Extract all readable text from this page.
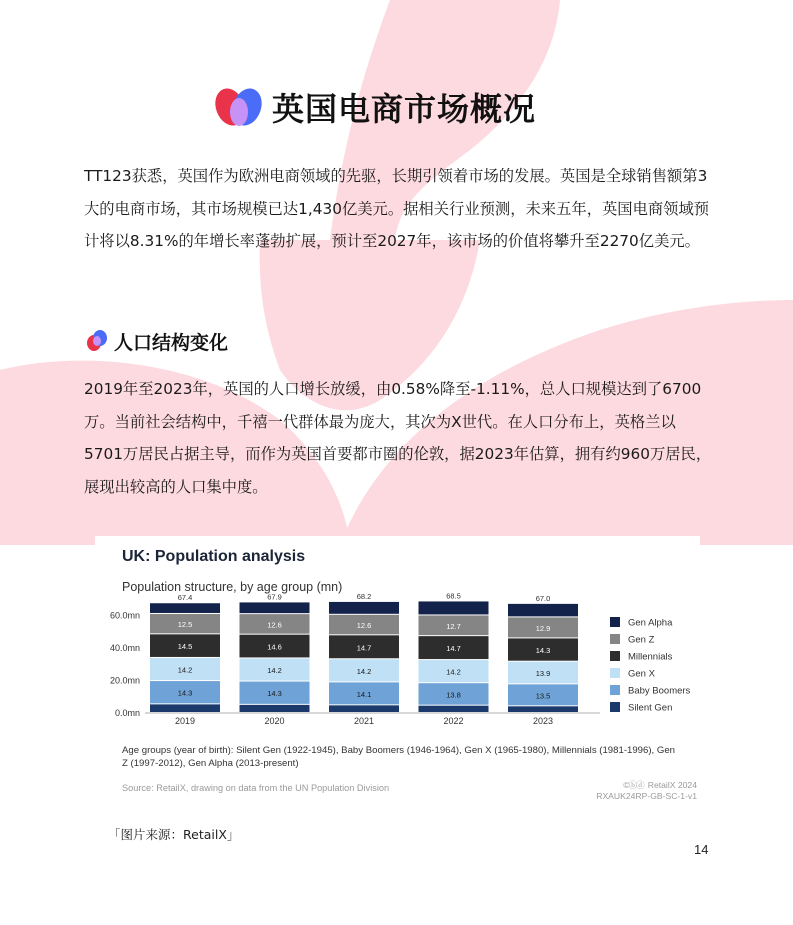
英国电商市场概况

TT123获悉，英国作为欧洲电商领域的先驱，长期引领着市场的发展。英国是全球销售额第3大的电商市场，其市场规模已达1,430亿美元。据相关行业预测，未来五年，英国电商领域预计将以8.31%的年增长率蓬勃扩展，预计至2027年，该市场的价值将攀升至2270亿美元。

人口结构变化

2019年至2023年，英国的人口增长放缓，由0.58%降至-1.11%，总人口规模达到了6700万。当前社会结构中，千禧一代群体最为庞大，其次为X世代。在人口分布上，英格兰以5701万居民占据主导，而作为英国首要都市圈的伦敦，据2023年估算，拥有约960万居民，展现出较高的人口集中度。

UK: Population analysis
Population structure, by age group (mn)
0.0mn
20.0mn
40.0mn
60.0mn
14.3
14.2
14.5
12.5
67.4
2019
14.3
14.2
14.6
12.6
67.9
2020
14.1
14.2
14.7
12.6
68.2
2021
13.8
14.2
14.7
12.7
68.5
2022
13.5
13.9
14.3
12.9
67.0
2023
Gen Alpha
Gen Z
Millennials
Gen X
Baby Boomers
Silent Gen
Age groups (year of birth): Silent Gen (1922-1945), Baby Boomers (1946-1964), Gen X (1965-1980), Millennials (1981-1996), Gen Z (1997-2012), Gen Alpha (2013-present)
Source: RetailX, drawing on data from the UN Population Division	©ⓑⓓ RetailX 2024
RXAUK24RP-GB-SC-1-v1
「图片来源：RetailX」
14
